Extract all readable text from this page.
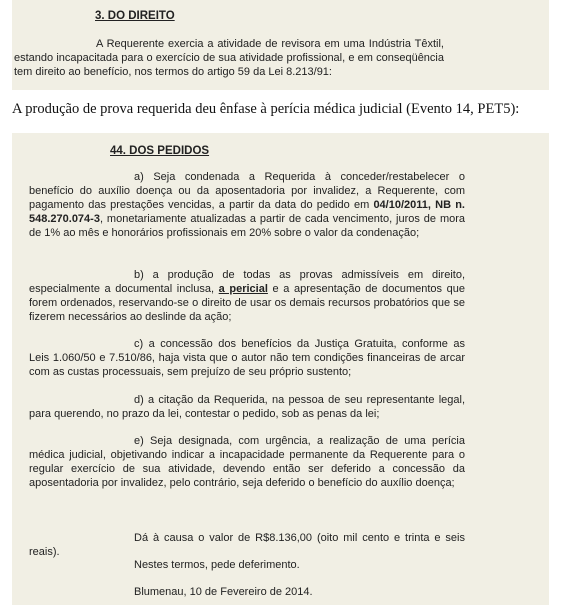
3. DO DIREITO
A Requerente exercia a atividade de revisora em uma Indústria Têxtil, estando incapacitada para o exercício de sua atividade profissional, e em conseqüência tem direito ao benefício, nos termos do artigo 59 da Lei 8.213/91:
A produção de prova requerida deu ênfase à perícia médica judicial (Evento 14, PET5):
44. DOS PEDIDOS
a) Seja condenada a Requerida à conceder/restabelecer o benefício do auxílio doença ou da aposentadoria por invalidez, a Requerente, com pagamento das prestações vencidas, a partir da data do pedido em 04/10/2011, NB n. 548.270.074-3, monetariamente atualizadas a partir de cada vencimento, juros de mora de 1% ao mês e honorários profissionais em 20% sobre o valor da condenação;
b) a produção de todas as provas admissíveis em direito, especialmente a documental inclusa, a pericial e a apresentação de documentos que forem ordenados, reservando-se o direito de usar os demais recursos probatórios que se fizerem necessários ao deslinde da ação;
c) a concessão dos benefícios da Justiça Gratuita, conforme as Leis 1.060/50 e 7.510/86, haja vista que o autor não tem condições financeiras de arcar com as custas processuais, sem prejuízo de seu próprio sustento;
d) a citação da Requerida, na pessoa de seu representante legal, para querendo, no prazo da lei, contestar o pedido, sob as penas da lei;
e) Seja designada, com urgência, a realização de uma perícia médica judicial, objetivando indicar a incapacidade permanente da Requerente para o regular exercício de sua atividade, devendo então ser deferido a concessão da aposentadoria por invalidez, pelo contrário, seja deferido o benefício do auxílio doença;
Dá à causa o valor de R$8.136,00 (oito mil cento e trinta e seis reais).
Nestes termos, pede deferimento.
Blumenau, 10 de Fevereiro de 2014.
